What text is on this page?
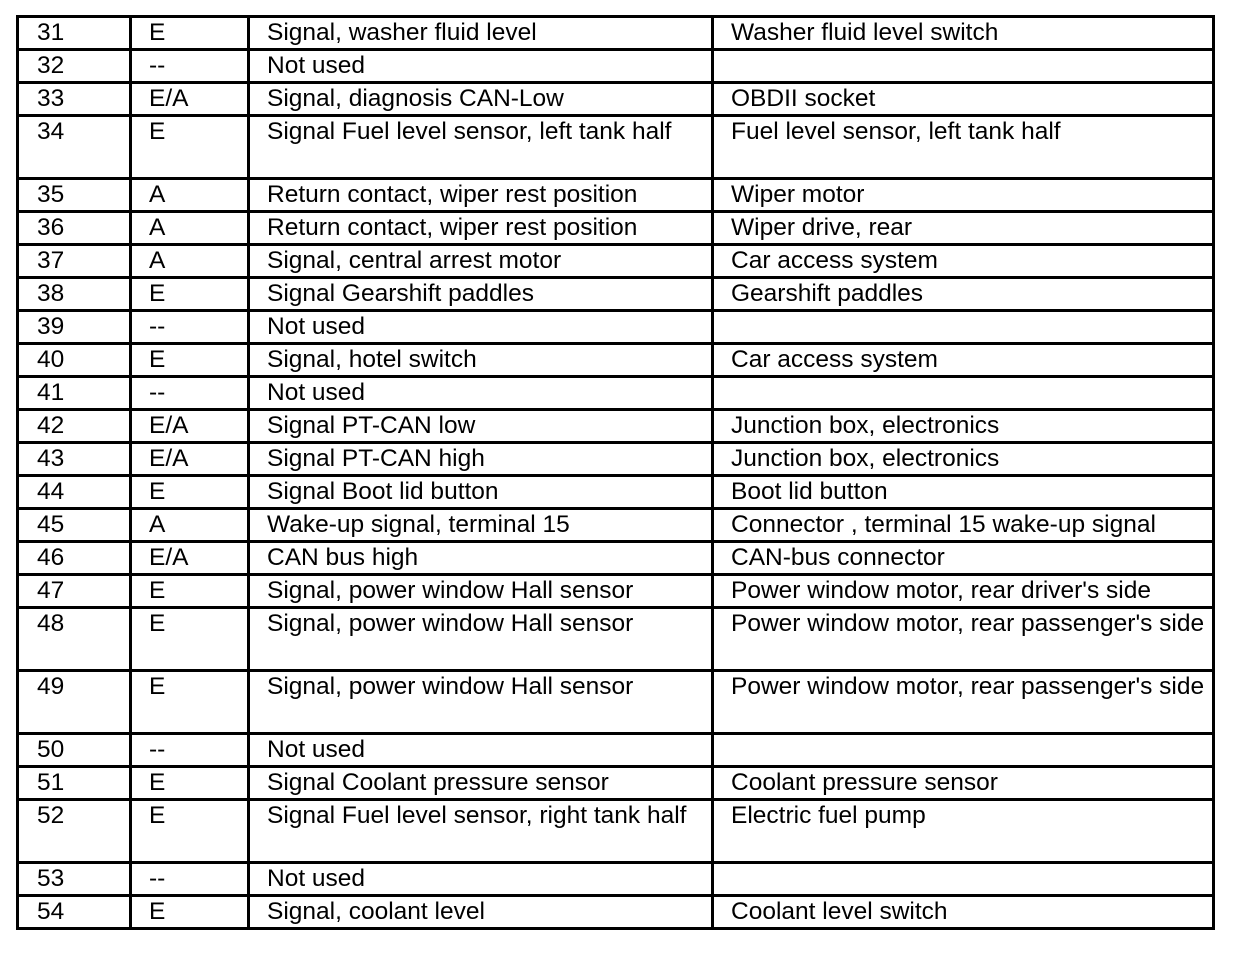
31	E	Signal, washer fluid level	Washer fluid level switch
32	--	Not used	
33	E/A	Signal, diagnosis CAN-Low	OBDII socket
34	E	Signal Fuel level sensor, left tank half	Fuel level sensor, left tank half
35	A	Return contact, wiper rest position	Wiper motor
36	A	Return contact, wiper rest position	Wiper drive, rear
37	A	Signal, central arrest motor	Car access system
38	E	Signal Gearshift paddles	Gearshift paddles
39	--	Not used	
40	E	Signal, hotel switch	Car access system
41	--	Not used	
42	E/A	Signal PT-CAN low	Junction box, electronics
43	E/A	Signal PT-CAN high	Junction box, electronics
44	E	Signal Boot lid button	Boot lid button
45	A	Wake-up signal, terminal 15	Connector , terminal 15 wake-up signal
46	E/A	CAN bus high	CAN-bus connector
47	E	Signal, power window Hall sensor	Power window motor, rear driver's side
48	E	Signal, power window Hall sensor	Power window motor, rear passenger's side
49	E	Signal, power window Hall sensor	Power window motor, rear passenger's side
50	--	Not used	
51	E	Signal Coolant pressure sensor	Coolant pressure sensor
52	E	Signal Fuel level sensor, right tank half	Electric fuel pump
53	--	Not used	
54	E	Signal, coolant level	Coolant level switch
